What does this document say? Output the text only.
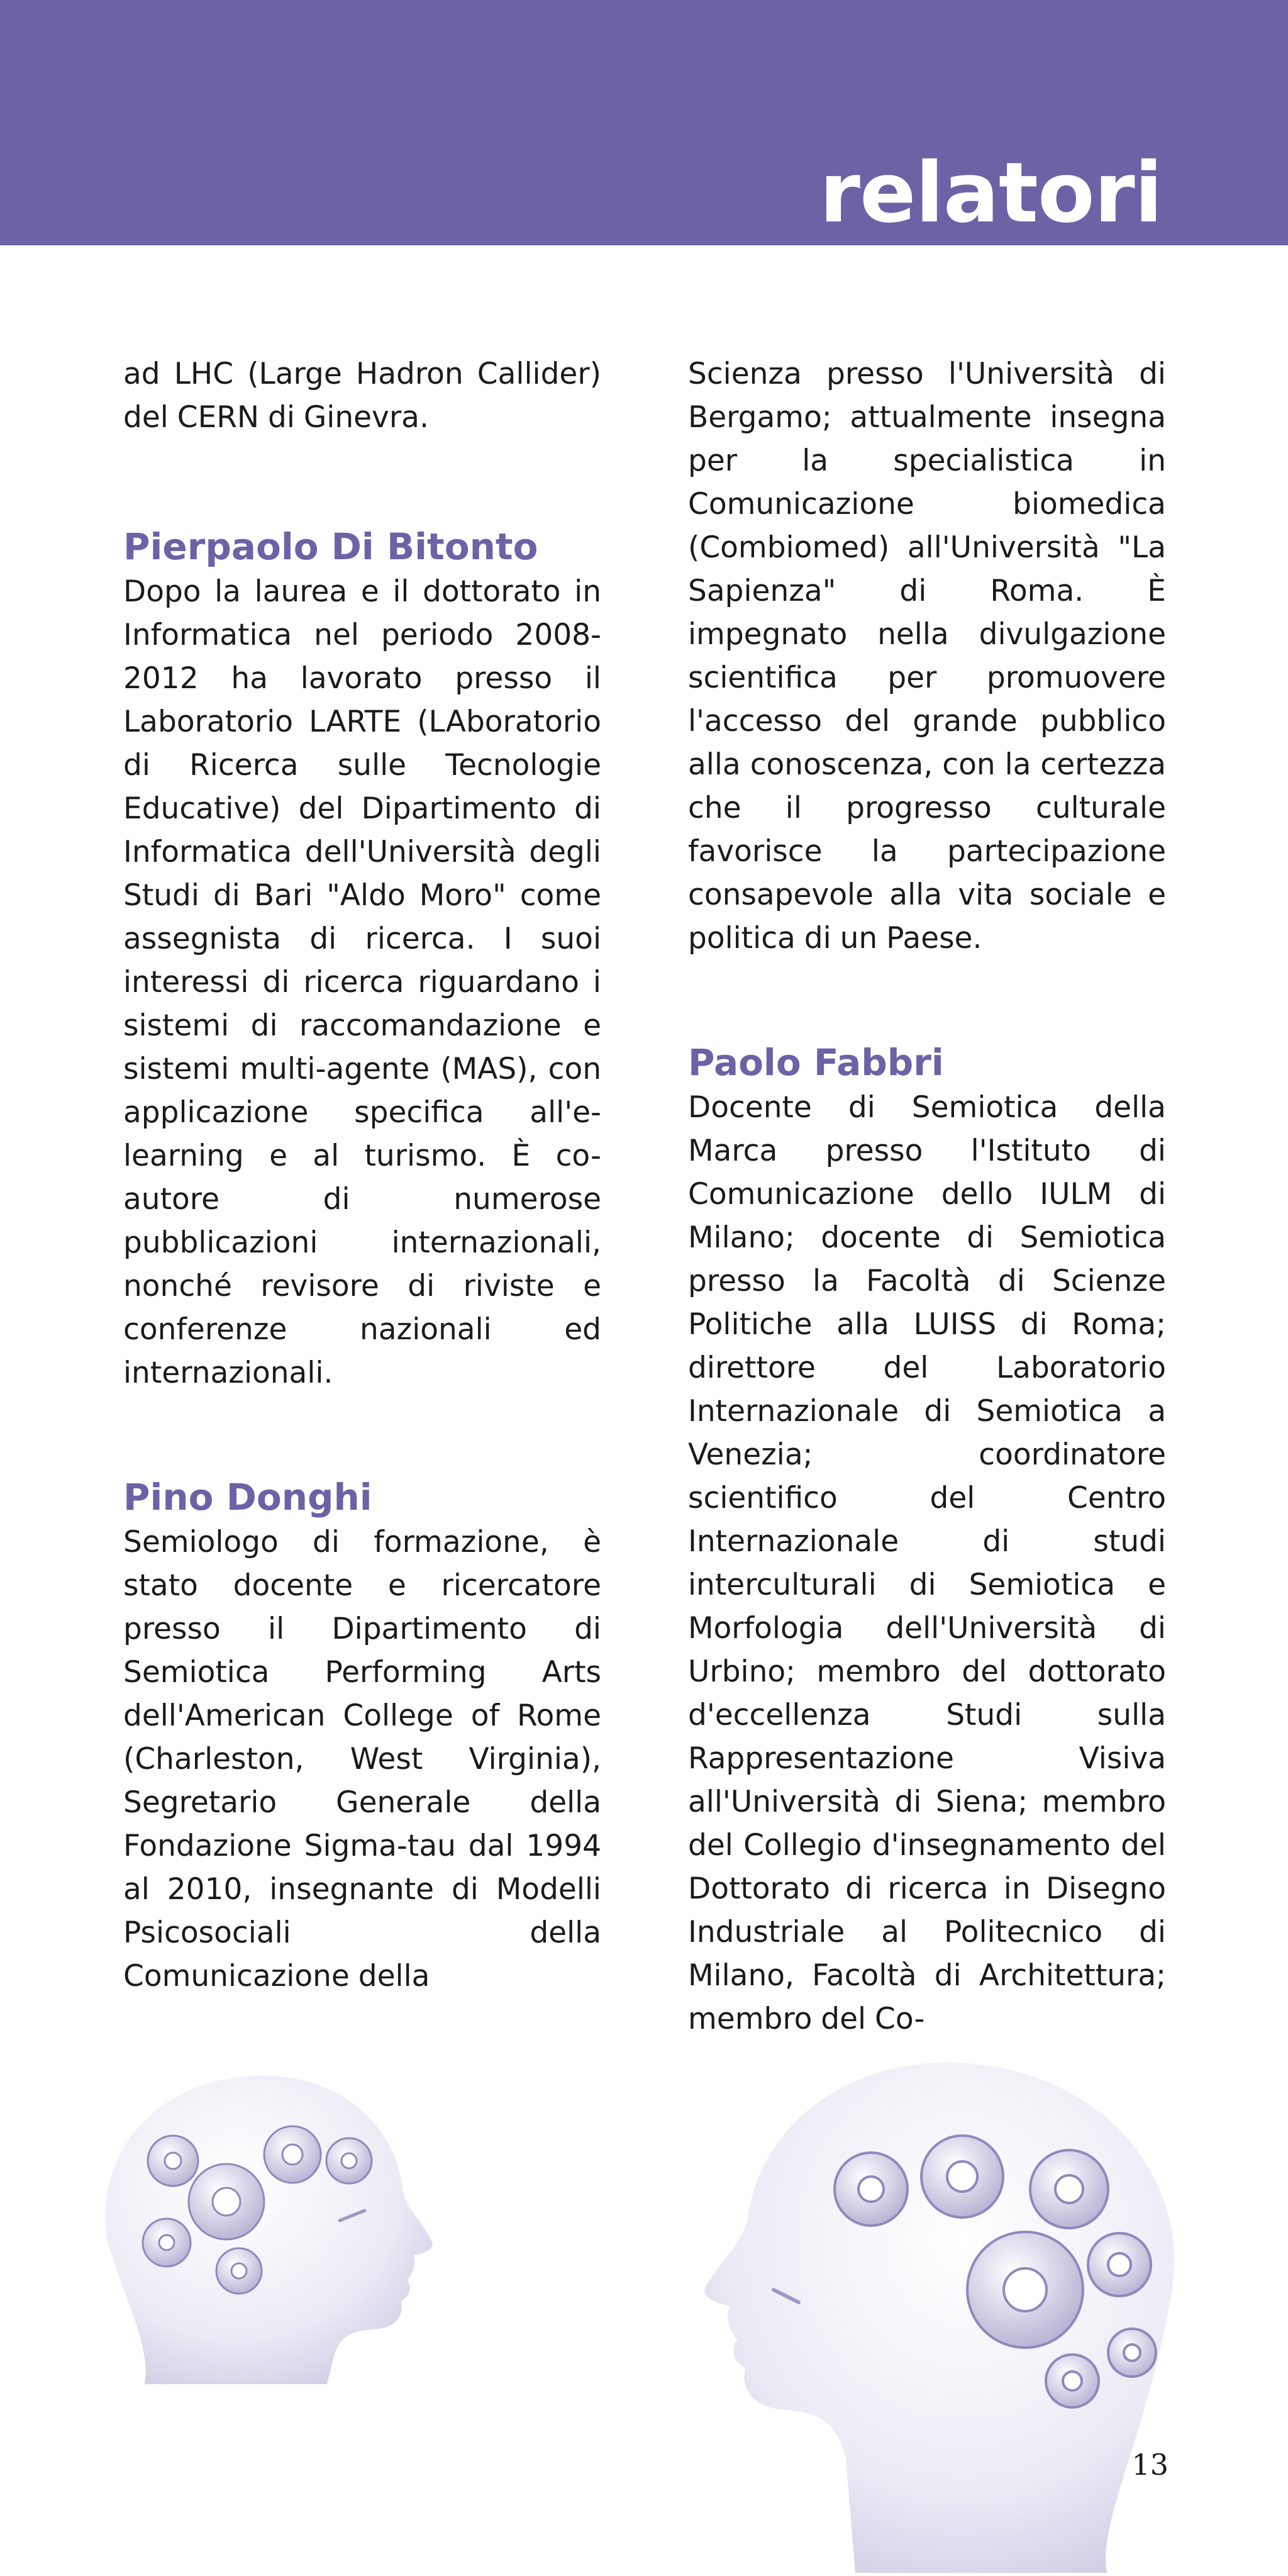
relatori

ad LHC (Large Hadron Callider) del CERN di Ginevra.

Pierpaolo Di Bitonto

Dopo la laurea e il dottorato in Informatica nel periodo 2008-2012 ha lavorato presso il Laboratorio LARTE (LAboratorio di Ricerca sulle Tecnologie Educative) del Dipartimento di Informatica dell'Università degli Studi di Bari "Aldo Moro" come assegnista di ricerca. I suoi interessi di ricerca riguardano i sistemi di raccomandazione e sistemi multi-agente (MAS), con applicazione specifica all'e-learning e al turismo. È co-autore di numerose pubblicazioni internazionali, nonché revisore di riviste e conferenze nazionali ed internazionali.

Pino Donghi

Semiologo di formazione, è stato docente e ricercatore presso il Dipartimento di Semiotica Performing Arts dell'American College of Rome (Charleston, West Virginia), Segretario Generale della Fondazione Sigma-tau dal 1994 al 2010, insegnante di Modelli Psicosociali della Comunicazione della

Scienza presso l'Università di Bergamo; attualmente insegna per la specialistica in Comunicazione biomedica (Combiomed) all'Università "La Sapienza" di Roma. È impegnato nella divulgazione scientifica per promuovere l'accesso del grande pubblico alla conoscenza, con la certezza che il progresso culturale favorisce la partecipazione consapevole alla vita sociale e politica di un Paese.

Paolo Fabbri

Docente di Semiotica della Marca presso l'Istituto di Comunicazione dello IULM di Milano; docente di Semiotica presso la Facoltà di Scienze Politiche alla LUISS di Roma; direttore del Laboratorio Internazionale di Semiotica a Venezia; coordinatore scientifico del Centro Internazionale di studi interculturali di Semiotica e Morfologia dell'Università di Urbino; membro del dottorato d'eccellenza Studi sulla Rappresentazione Visiva all'Università di Siena; membro del Collegio d'insegnamento del Dottorato di ricerca in Disegno Industriale al Politecnico di Milano, Facoltà di Architettura; membro del Co-

13
